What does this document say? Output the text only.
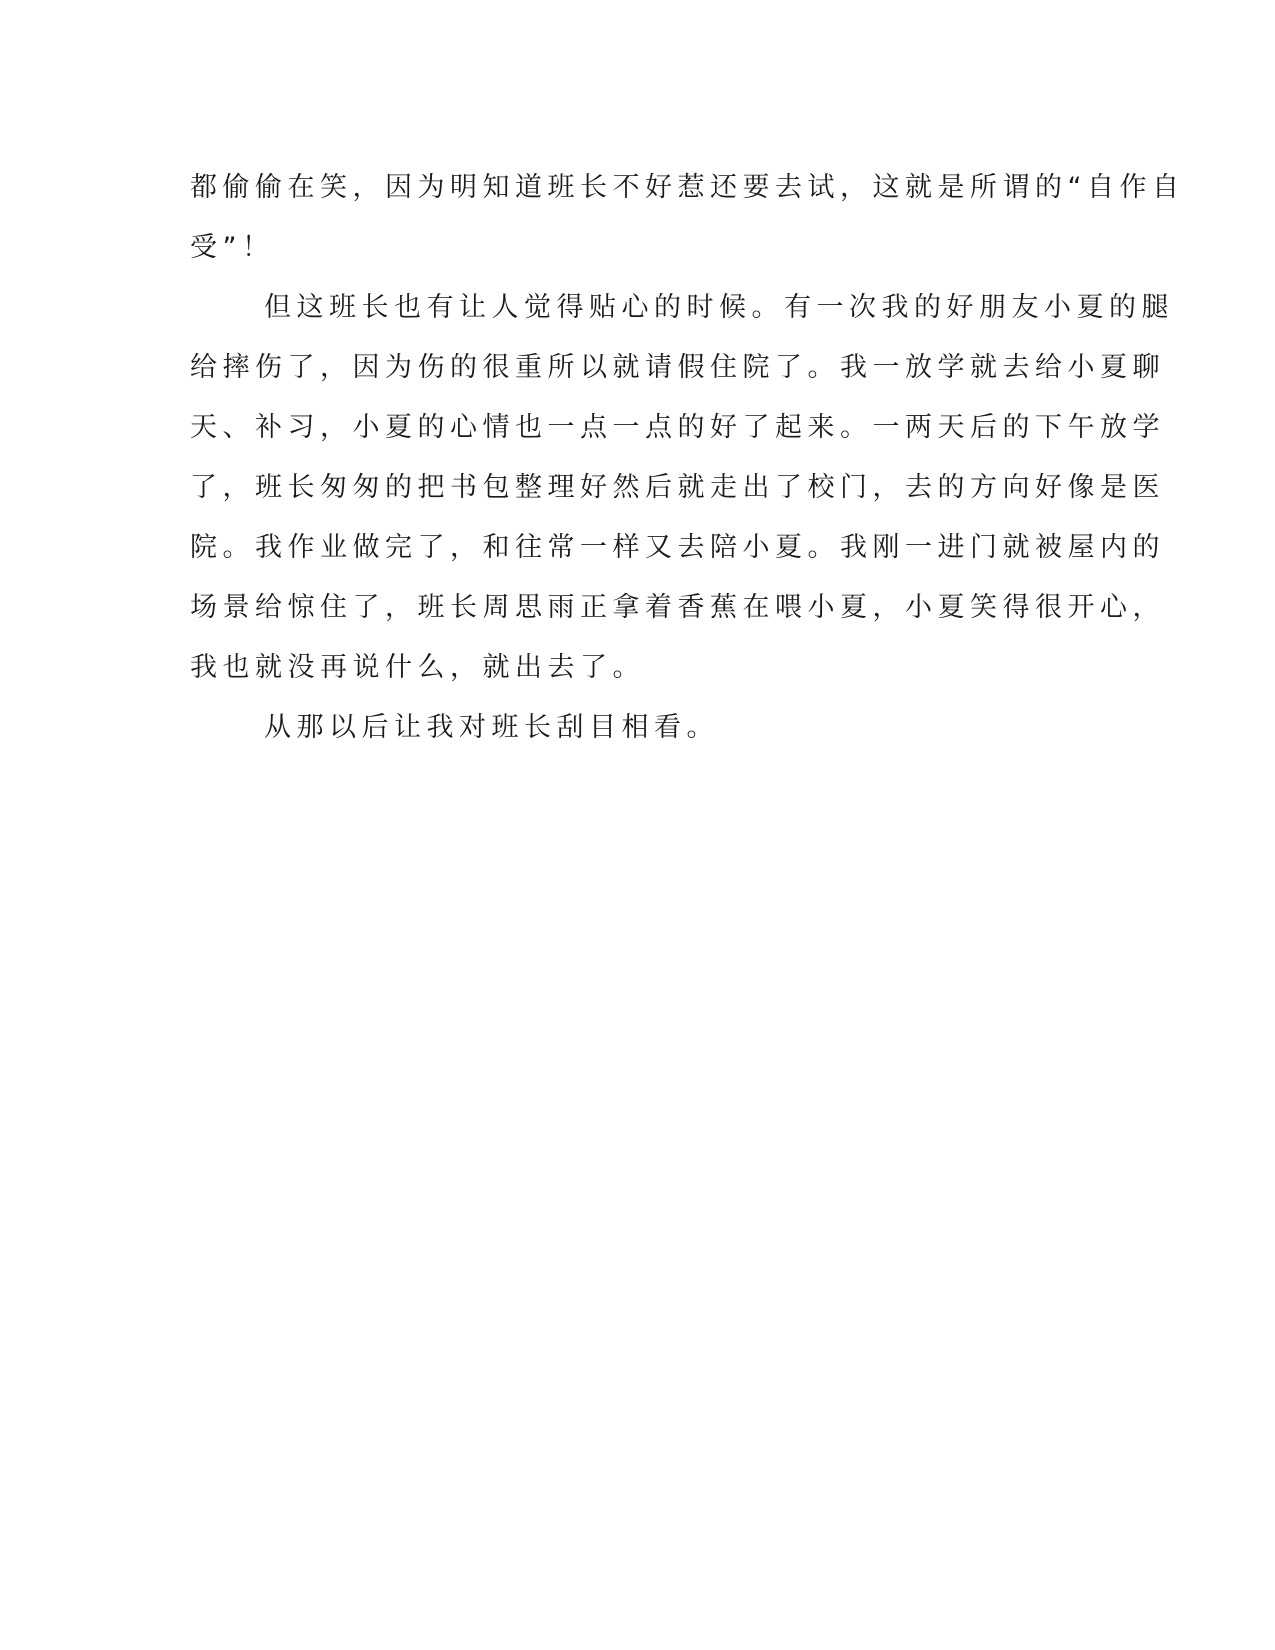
都偷偷在笑，因为明知道班长不好惹还要去试，这就是所谓的“自作自
受”！
但这班长也有让人觉得贴心的时候。有一次我的好朋友小夏的腿
给摔伤了，因为伤的很重所以就请假住院了。我一放学就去给小夏聊
天、补习，小夏的心情也一点一点的好了起来。一两天后的下午放学
了，班长匆匆的把书包整理好然后就走出了校门，去的方向好像是医
院。我作业做完了，和往常一样又去陪小夏。我刚一进门就被屋内的
场景给惊住了，班长周思雨正拿着香蕉在喂小夏，小夏笑得很开心，
我也就没再说什么，就出去了。
从那以后让我对班长刮目相看。
